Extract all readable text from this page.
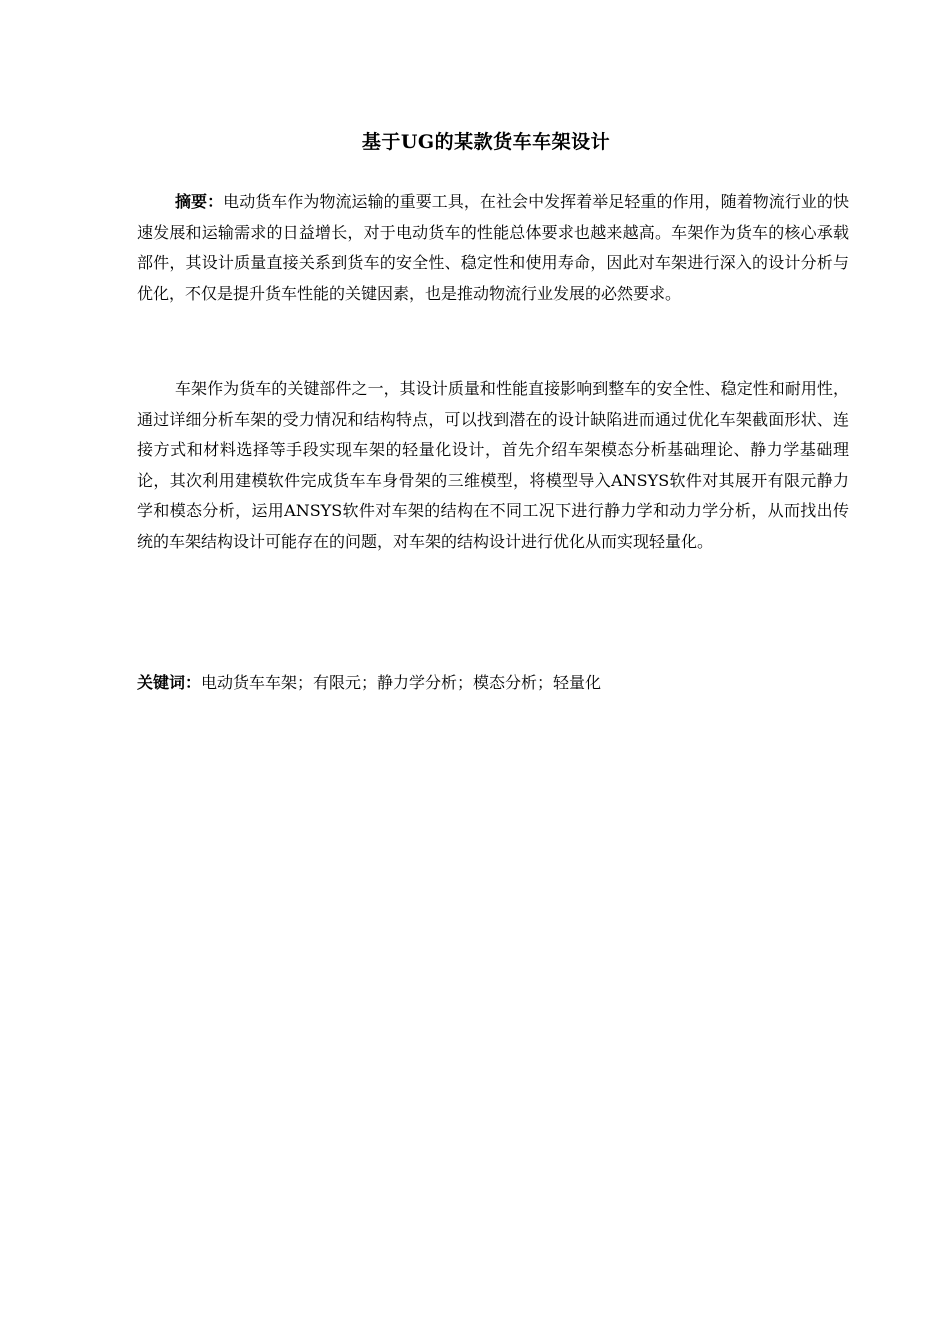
基于UG的某款货车车架设计

摘要：电动货车作为物流运输的重要工具，在社会中发挥着举足轻重的作用，随着物流行业的快速发展和运输需求的日益增长，对于电动货车的性能总体要求也越来越高。车架作为货车的核心承载部件，其设计质量直接关系到货车的安全性、稳定性和使用寿命，因此对车架进行深入的设计分析与优化，不仅是提升货车性能的关键因素，也是推动物流行业发展的必然要求。

车架作为货车的关键部件之一，其设计质量和性能直接影响到整车的安全性、稳定性和耐用性，通过详细分析车架的受力情况和结构特点，可以找到潜在的设计缺陷进而通过优化车架截面形状、连接方式和材料选择等手段实现车架的轻量化设计，首先介绍车架模态分析基础理论、静力学基础理论，其次利用建模软件完成货车车身骨架的三维模型，将模型导入ANSYS软件对其展开有限元静力学和模态分析，运用ANSYS软件对车架的结构在不同工况下进行静力学和动力学分析，从而找出传统的车架结构设计可能存在的问题，对车架的结构设计进行优化从而实现轻量化。

关键词：电动货车车架；有限元；静力学分析；模态分析；轻量化
